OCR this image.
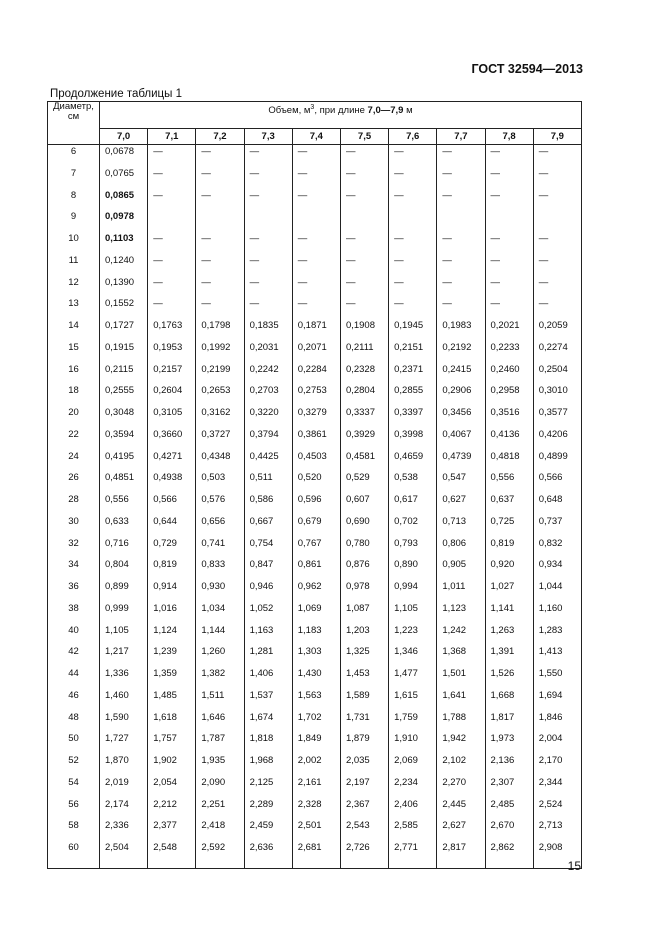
ГОСТ 32594—2013
Продолжение таблицы 1
Диаметр, см	Объем, $м^3$, при длине 7,0—7,9 м									
	7,0	7,1	7,2	7,3	7,4	7,5	7,6	7,7	7,8	7,9
6	0,0678	—	—	—	—	—	—	—	—	—
7	0,0765	—	—	—	—	—	—	—	—	—
8	0,0865	—	—	—	—	—	—	—	—	—
9	0,0978									
10	0,1103	—	—	—	—	—	—	—	—	—
11	0,1240	—	—	—	—	—	—	—	—	—
12	0,1390	—	—	—	—	—	—	—	—	—
13	0,1552	—	—	—	—	—	—	—	—	—
14	0,1727	0,1763	0,1798	0,1835	0,1871	0,1908	0,1945	0,1983	0,2021	0,2059
15	0,1915	0,1953	0,1992	0,2031	0,2071	0,2111	0,2151	0,2192	0,2233	0,2274
16	0,2115	0,2157	0,2199	0,2242	0,2284	0,2328	0,2371	0,2415	0,2460	0,2504
18	0,2555	0,2604	0,2653	0,2703	0,2753	0,2804	0,2855	0,2906	0,2958	0,3010
20	0,3048	0,3105	0,3162	0,3220	0,3279	0,3337	0,3397	0,3456	0,3516	0,3577
22	0,3594	0,3660	0,3727	0,3794	0,3861	0,3929	0,3998	0,4067	0,4136	0,4206
24	0,4195	0,4271	0,4348	0,4425	0,4503	0,4581	0,4659	0,4739	0,4818	0,4899
26	0,4851	0,4938	0,503	0,511	0,520	0,529	0,538	0,547	0,556	0,566
28	0,556	0,566	0,576	0,586	0,596	0,607	0,617	0,627	0,637	0,648
30	0,633	0,644	0,656	0,667	0,679	0,690	0,702	0,713	0,725	0,737
32	0,716	0,729	0,741	0,754	0,767	0,780	0,793	0,806	0,819	0,832
34	0,804	0,819	0,833	0,847	0,861	0,876	0,890	0,905	0,920	0,934
36	0,899	0,914	0,930	0,946	0,962	0,978	0,994	1,011	1,027	1,044
38	0,999	1,016	1,034	1,052	1,069	1,087	1,105	1,123	1,141	1,160
40	1,105	1,124	1,144	1,163	1,183	1,203	1,223	1,242	1,263	1,283
42	1,217	1,239	1,260	1,281	1,303	1,325	1,346	1,368	1,391	1,413
44	1,336	1,359	1,382	1,406	1,430	1,453	1,477	1,501	1,526	1,550
46	1,460	1,485	1,511	1,537	1,563	1,589	1,615	1,641	1,668	1,694
48	1,590	1,618	1,646	1,674	1,702	1,731	1,759	1,788	1,817	1,846
50	1,727	1,757	1,787	1,818	1,849	1,879	1,910	1,942	1,973	2,004
52	1,870	1,902	1,935	1,968	2,002	2,035	2,069	2,102	2,136	2,170
54	2,019	2,054	2,090	2,125	2,161	2,197	2,234	2,270	2,307	2,344
56	2,174	2,212	2,251	2,289	2,328	2,367	2,406	2,445	2,485	2,524
58	2,336	2,377	2,418	2,459	2,501	2,543	2,585	2,627	2,670	2,713
60	2,504	2,548	2,592	2,636	2,681	2,726	2,771	2,817	2,862	2,908
15
